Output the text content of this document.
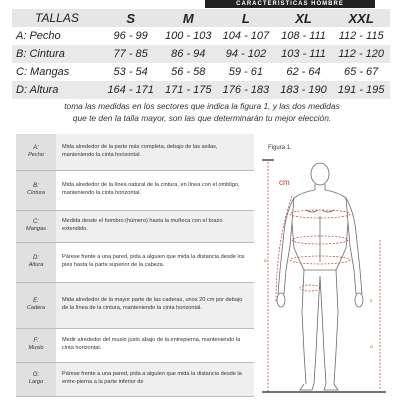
CARACTERÍSTICAS HOMBRE
TALLAS	S	M	L	XL	XXL
A: Pecho	96 - 99	100 - 103	104 - 107	108 - 111	112 - 115
B: Cintura	77 - 85	86 - 94	94 - 102	103 - 111	112 - 120
C: Mangas	53 - 54	56 - 58	59 - 61	62 - 64	65 - 67
D: Altura	164 - 171	171 - 175	176 - 183	183 - 190	191 - 195
toma las medidas en los sectores que indica la figura 1, y las dos medidas
que te den la talla mayor, son las que determinarán tu mejor elección.
A:
Pecho	Mida alrededor de la parte más completa, debajo de las axilas, manteniendo la cinta horizontal.

B:
Cintura	Mida alrededor de la línea natural de la cintura, en línea con el ombligo, manteniendo la cinta horizontal.

C:
Mangas	Medida desde el hombro (húmero) hasta la muñeca con el brazo extendido.

D:
Altura	Párese frente a una pared, pida a alguien que mida la distancia desde los pies hasta la parte superior de la cabeza.

E:
Cadera	Mida alrededor de la mayor parte de las caderas, unos 20 cm por debajo de la línea de la cintura, manteniendo la cinta horizontal.

F:
Muslo	Medir alrededor del muslo justo abajo de la entrepierna, manteniendo la cinta horizontal.

G:
Largo	Párese frente a una pared, pida a alguien que mida la distancia desde la entre-pierna a la parte inferior de
Figura 1.
cm
E
G
D
